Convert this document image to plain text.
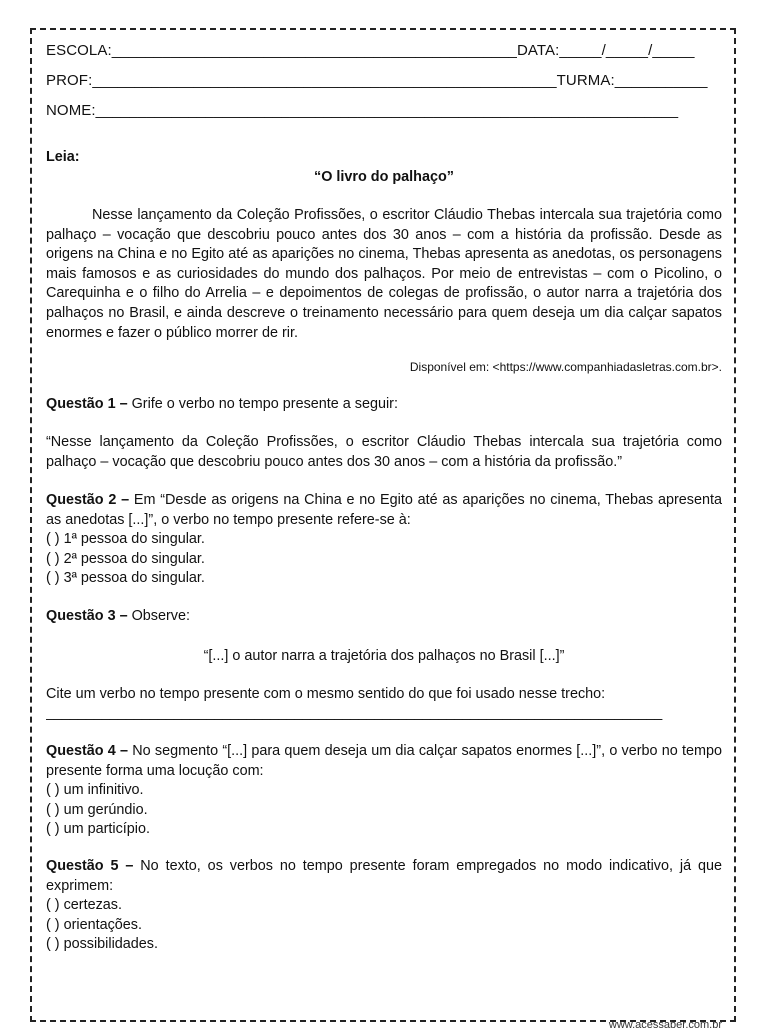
ESCOLA:________________________________________________DATA:_____/_____/_____
PROF:_______________________________________________________TURMA:___________
NOME:_____________________________________________________________________
Leia:
“O livro do palhaço”
Nesse lançamento da Coleção Profissões, o escritor Cláudio Thebas intercala sua trajetória como palhaço – vocação que descobriu pouco antes dos 30 anos – com a história da profissão. Desde as origens na China e no Egito até as aparições no cinema, Thebas apresenta as anedotas, os personagens mais famosos e as curiosidades do mundo dos palhaços. Por meio de entrevistas – com o Picolino, o Carequinha e o filho do Arrelia – e depoimentos de colegas de profissão, o autor narra a trajetória dos palhaços no Brasil, e ainda descreve o treinamento necessário para quem deseja um dia calçar sapatos enormes e fazer o público morrer de rir.
Disponível em: <https://www.companhiadasletras.com.br>.
Questão 1 – Grife o verbo no tempo presente a seguir:
“Nesse lançamento da Coleção Profissões, o escritor Cláudio Thebas intercala sua trajetória como palhaço – vocação que descobriu pouco antes dos 30 anos – com a história da profissão.”
Questão 2 – Em “Desde as origens na China e no Egito até as aparições no cinema, Thebas apresenta as anedotas [...]”, o verbo no tempo presente refere-se à:
( ) 1ª pessoa do singular.
( ) 2ª pessoa do singular.
( ) 3ª pessoa do singular.
Questão 3 – Observe:
“[...] o autor narra a trajetória dos palhaços no Brasil [...]”
Cite um verbo no tempo presente com o mesmo sentido do que foi usado nesse trecho:
_____________________________________________________________________________
Questão 4 – No segmento “[...] para quem deseja um dia calçar sapatos enormes [...]”, o verbo no tempo presente forma uma locução com:
( ) um infinitivo.
( ) um gerúndio.
( ) um particípio.
Questão 5 – No texto, os verbos no tempo presente foram empregados no modo indicativo, já que exprimem:
( ) certezas.
( ) orientações.
( ) possibilidades.
www.acessaber.com.br
